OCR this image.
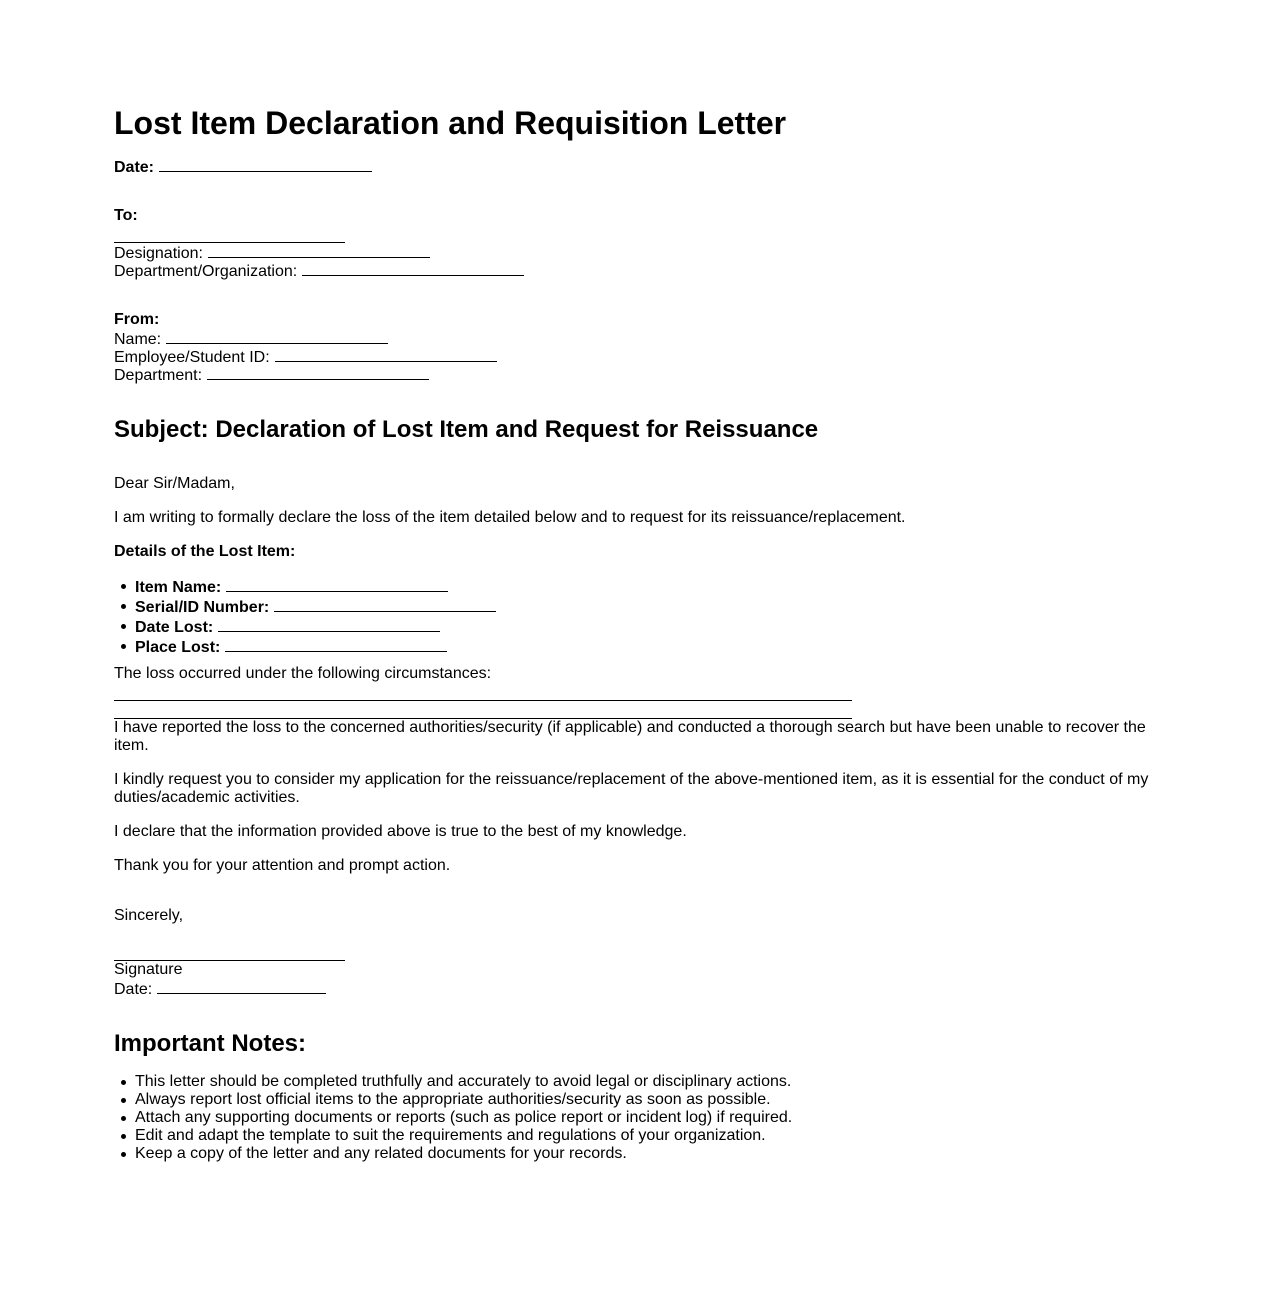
Lost Item Declaration and Requisition Letter
Date:
To:
Designation:
Department/Organization:
From:
Name:
Employee/Student ID:
Department:
Subject: Declaration of Lost Item and Request for Reissuance
Dear Sir/Madam,
I am writing to formally declare the loss of the item detailed below and to request for its reissuance/replacement.
Details of the Lost Item:
Item Name:
Serial/ID Number:
Date Lost:
Place Lost:
The loss occurred under the following circumstances:
I have reported the loss to the concerned authorities/security (if applicable) and conducted a thorough search but have been unable to recover the item.
I kindly request you to consider my application for the reissuance/replacement of the above-mentioned item, as it is essential for the conduct of my duties/academic activities.
I declare that the information provided above is true to the best of my knowledge.
Thank you for your attention and prompt action.
Sincerely,
Signature
Date:
Important Notes:
This letter should be completed truthfully and accurately to avoid legal or disciplinary actions.
Always report lost official items to the appropriate authorities/security as soon as possible.
Attach any supporting documents or reports (such as police report or incident log) if required.
Edit and adapt the template to suit the requirements and regulations of your organization.
Keep a copy of the letter and any related documents for your records.
